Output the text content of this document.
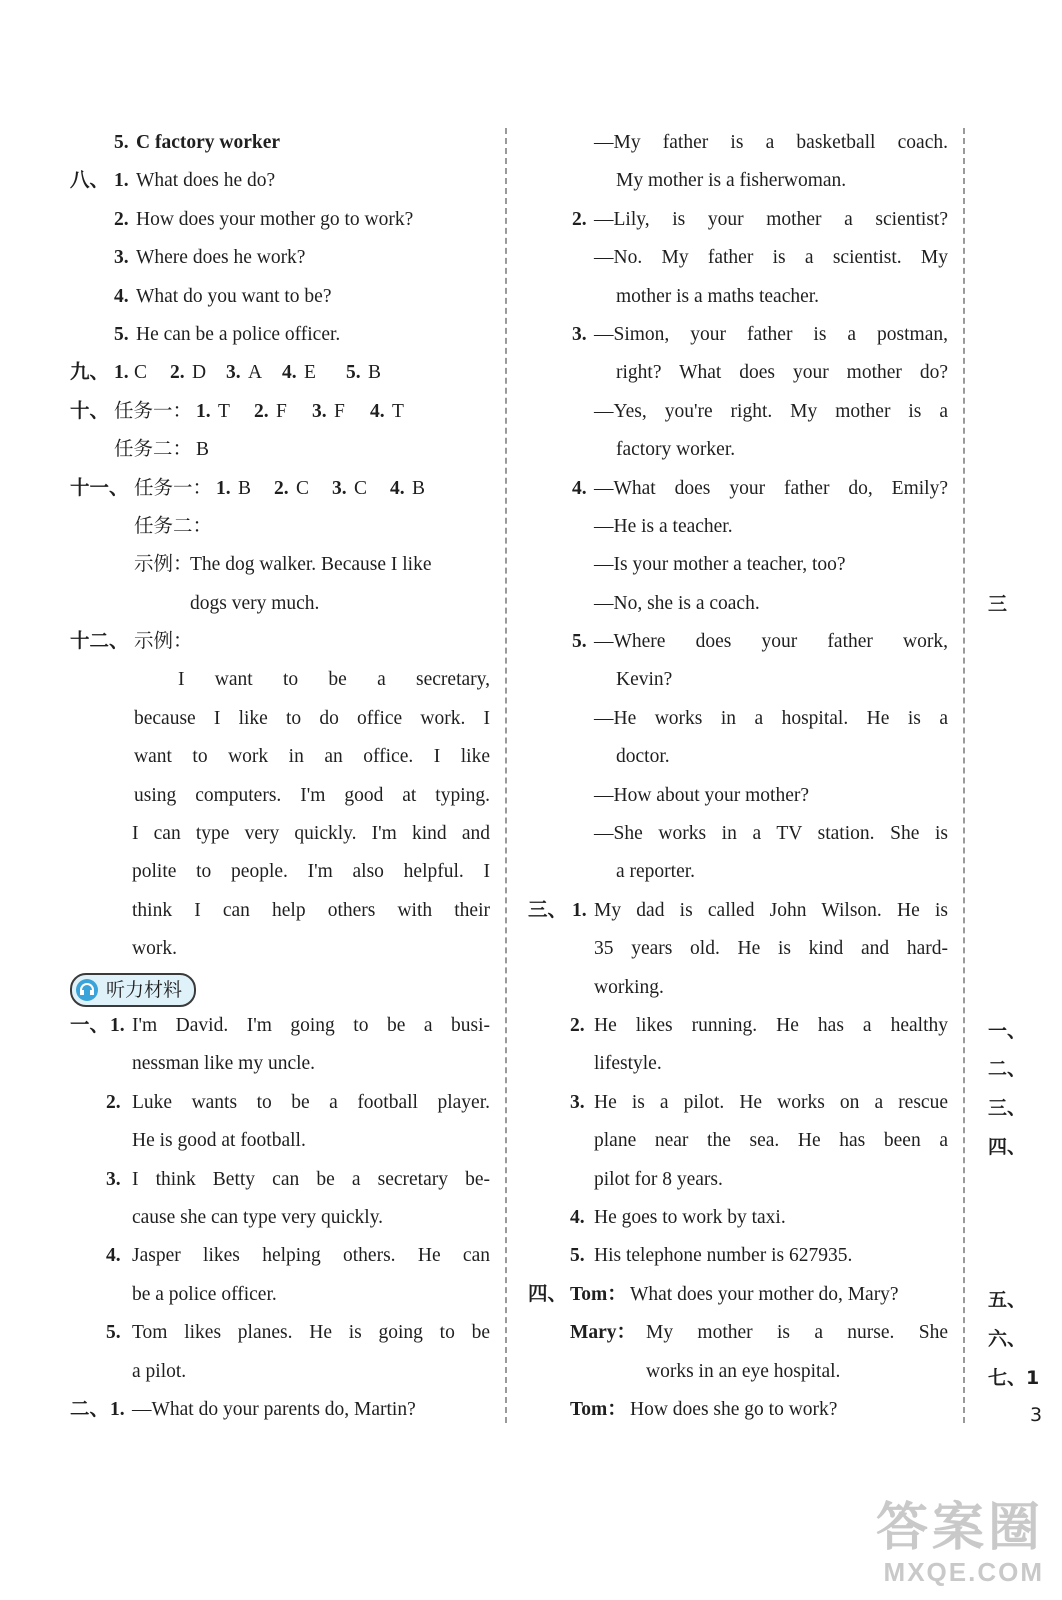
5. C factory worker
八、 1. What does he do?
2. How does your mother go to work?
3. Where does he work?
4. What do you want to be?
5. He can be a police officer.
九、 1. C 2. D 3. A 4. E 5. B
十、 任务一： 1. T 2. F 3. F 4. T
任务二： B
十一、 任务一： 1. B 2. C 3. C 4. B
任务二：
示例：
The dog walker. Because I like
dogs very much.
十二、 示例：
I want to be a secretary,
because I like to do office work. I
want to work in an office. I like
using computers. I'm good at typing.
I can type very quickly. I'm kind and
polite to people. I'm also helpful. I
think I can help others with their
work.
听力材料
一、 1. I'm David. I'm going to be a busi-
nessman like my uncle.
2. Luke wants to be a football player.
He is good at football.
3. I think Betty can be a secretary be-
cause she can type very quickly.
4. Jasper likes helping others. He can
be a police officer.
5. Tom likes planes. He is going to be
a pilot.
二、 1. —What do your parents do, Martin?
—My father is a basketball coach.
My mother is a fisherwoman.
2. —Lily, is your mother a scientist?
—No. My father is a scientist. My
mother is a maths teacher.
3. —Simon, your father is a postman,
right? What does your mother do?
—Yes, you're right. My mother is a
factory worker.
4. —What does your father do, Emily?
—He is a teacher.
—Is your mother a teacher, too?
—No, she is a coach.
5. —Where does your father work,
Kevin?
—He works in a hospital. He is a
doctor.
—How about your mother?
—She works in a TV station. She is
a reporter.
三、 1. My dad is called John Wilson. He is
35 years old. He is kind and hard-
working.
2. He likes running. He has a healthy
lifestyle.
3. He is a pilot. He works on a rescue
plane near the sea. He has been a
pilot for 8 years.
4. He goes to work by taxi.
5. His telephone number is 627935.
四、 Tom： What does your mother do, Mary?
Mary： My mother is a nurse. She
works in an eye hospital.
Tom： How does she go to work?
三
一、
二、
三、
四、
五、
六、
七、1
3
答案圈
MXQE.COM
